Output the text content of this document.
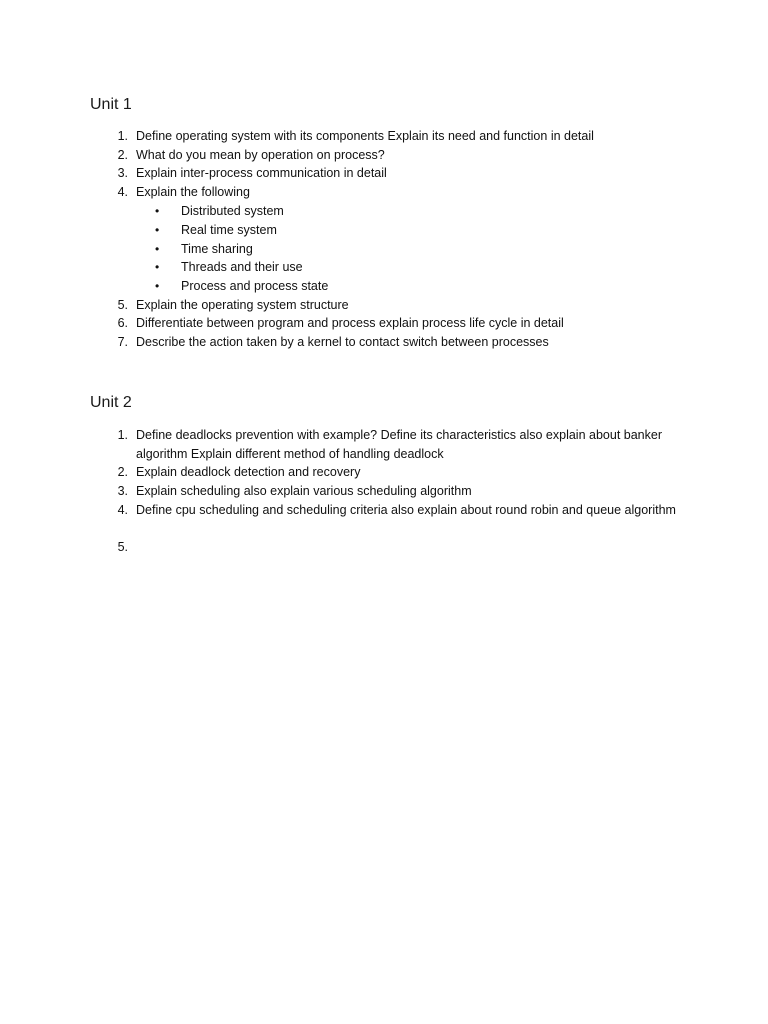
Unit 1
1. Define operating system with its components Explain its need and function in detail
2. What do you mean by operation on process?
3. Explain inter-process communication in detail
4. Explain the following
• Distributed system
• Real time system
• Time sharing
• Threads and their use
• Process and process state
5. Explain the operating system structure
6. Differentiate between program and process explain process life cycle in detail
7. Describe the action taken by a kernel to contact switch between processes
Unit 2
1. Define deadlocks prevention with example? Define its characteristics also explain about banker algorithm Explain different method of handling deadlock
2. Explain deadlock detection and recovery
3. Explain scheduling also explain various scheduling algorithm
4. Define cpu scheduling and scheduling criteria also explain about round robin and queue algorithm
5.
